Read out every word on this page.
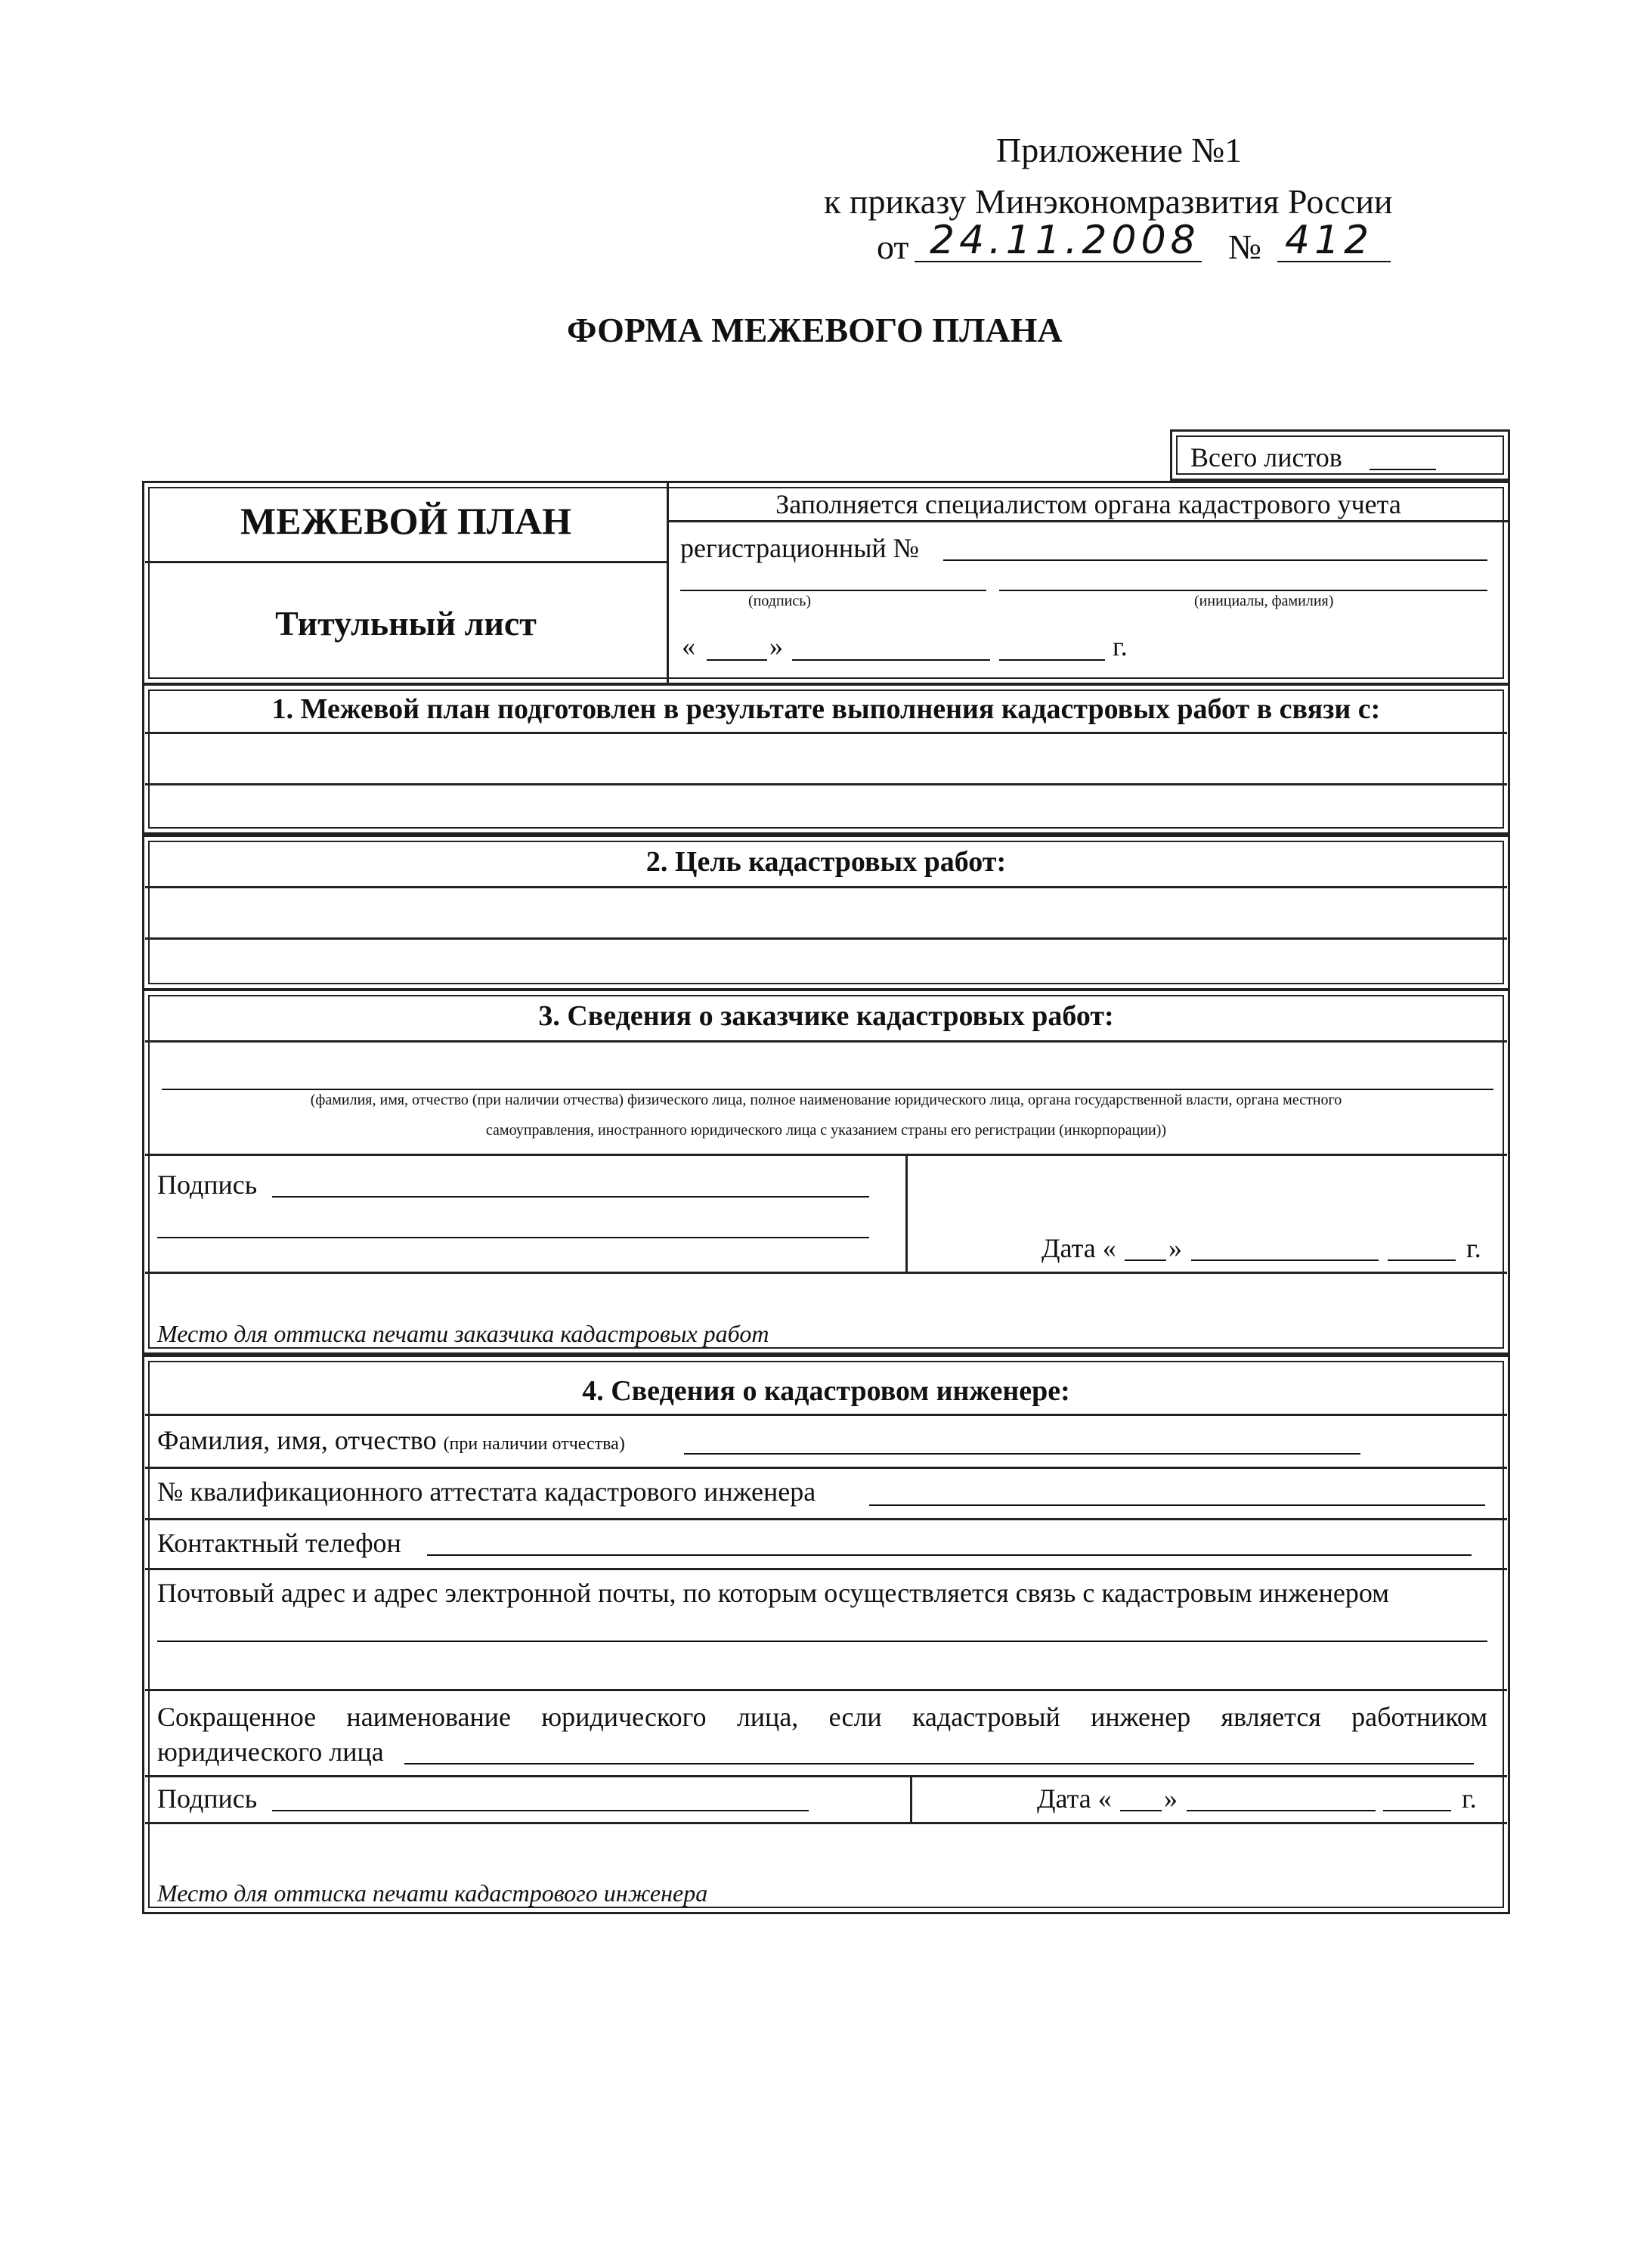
Приложение №1
к приказу Минэкономразвития России
от 24.11.2008 № 412
ФОРМА МЕЖЕВОГО ПЛАНА
Всего листов
МЕЖЕВОЙ ПЛАН
Титульный лист
Заполняется специалистом органа кадастрового учета
регистрационный №
(подпись)	(инициалы, фамилия)
«	»	г.
1. Межевой план подготовлен в результате выполнения кадастровых работ в связи с:
2. Цель кадастровых работ:
3. Сведения о заказчике кадастровых работ:
(фамилия, имя, отчество (при наличии отчества) физического лица, полное наименование юридического лица, органа государственной власти, органа местного
самоуправления, иностранного юридического лица с указанием страны его регистрации (инкорпорации))
Подпись
Дата « »	г.
Место для оттиска печати заказчика кадастровых работ
4. Сведения о кадастровом инженере:
Фамилия, имя, отчество (при наличии отчества)
№ квалификационного аттестата кадастрового инженера
Контактный телефон
Почтовый адрес и адрес электронной почты, по которым осуществляется связь с кадастровым инженером
Сокращенное наименование юридического лица, если кадастровый инженер является работником
юридического лица
Подпись	Дата « »	г.
Место для оттиска печати кадастрового инженера
